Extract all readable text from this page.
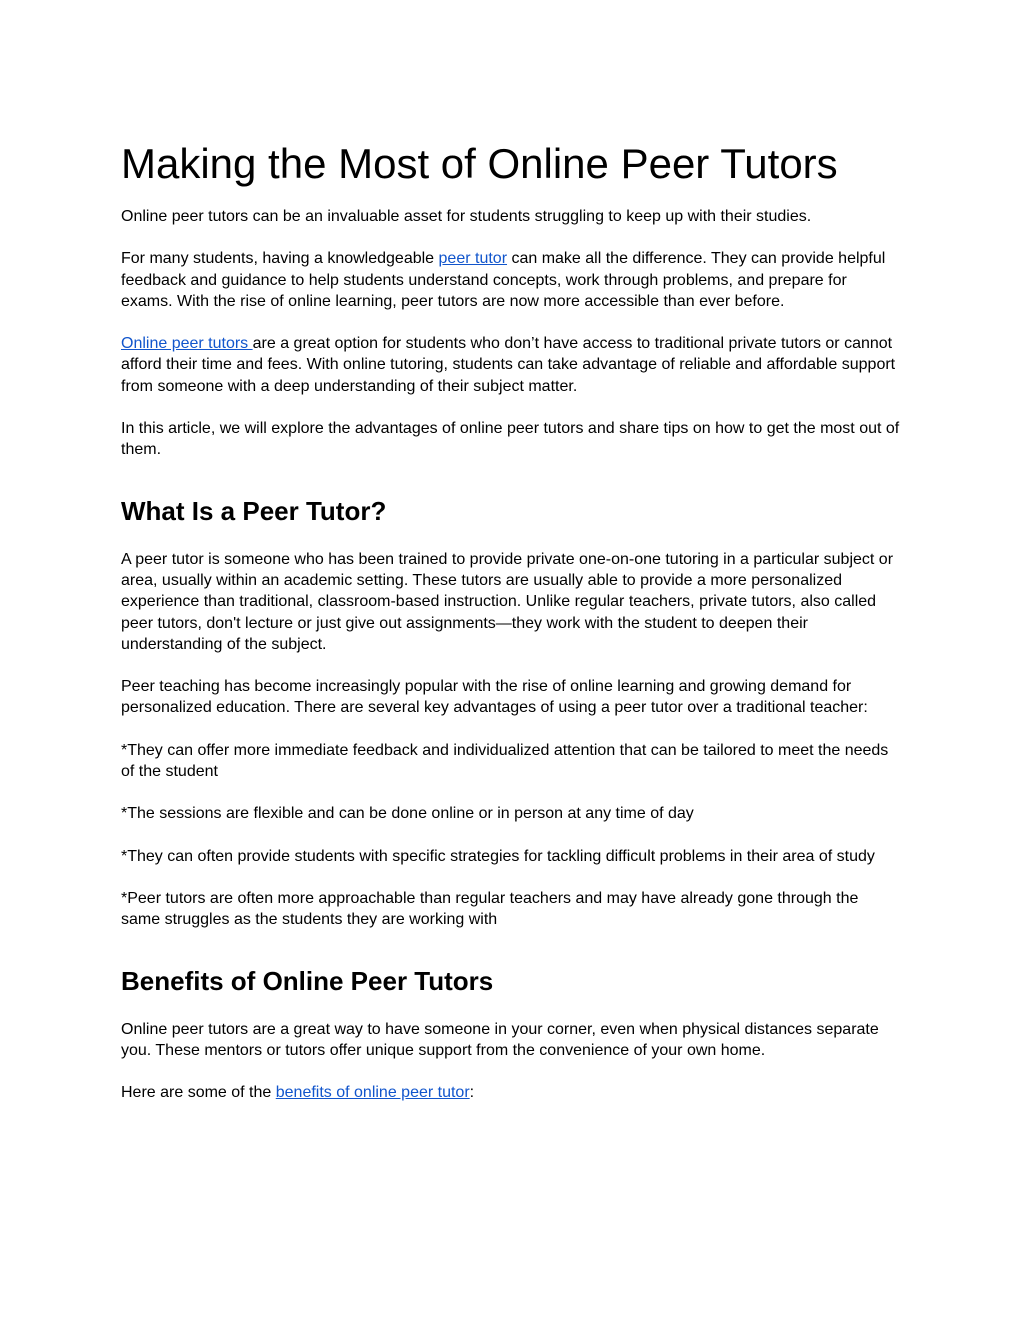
Making the Most of Online Peer Tutors

Online peer tutors can be an invaluable asset for students struggling to keep up with their studies.

For many students, having a knowledgeable peer tutor can make all the difference. They can provide helpful feedback and guidance to help students understand concepts, work through problems, and prepare for exams. With the rise of online learning, peer tutors are now more accessible than ever before.

Online peer tutors are a great option for students who don’t have access to traditional private tutors or cannot afford their time and fees. With online tutoring, students can take advantage of reliable and affordable support from someone with a deep understanding of their subject matter.

In this article, we will explore the advantages of online peer tutors and share tips on how to get the most out of them.

What Is a Peer Tutor?

A peer tutor is someone who has been trained to provide private one-on-one tutoring in a particular subject or area, usually within an academic setting. These tutors are usually able to provide a more personalized experience than traditional, classroom-based instruction. Unlike regular teachers, private tutors, also called peer tutors, don't lecture or just give out assignments—they work with the student to deepen their understanding of the subject.

Peer teaching has become increasingly popular with the rise of online learning and growing demand for personalized education. There are several key advantages of using a peer tutor over a traditional teacher:

*They can offer more immediate feedback and individualized attention that can be tailored to meet the needs of the student

*The sessions are flexible and can be done online or in person at any time of day

*They can often provide students with specific strategies for tackling difficult problems in their area of study

*Peer tutors are often more approachable than regular teachers and may have already gone through the same struggles as the students they are working with

Benefits of Online Peer Tutors

Online peer tutors are a great way to have someone in your corner, even when physical distances separate you. These mentors or tutors offer unique support from the convenience of your own home.

Here are some of the benefits of online peer tutor:
